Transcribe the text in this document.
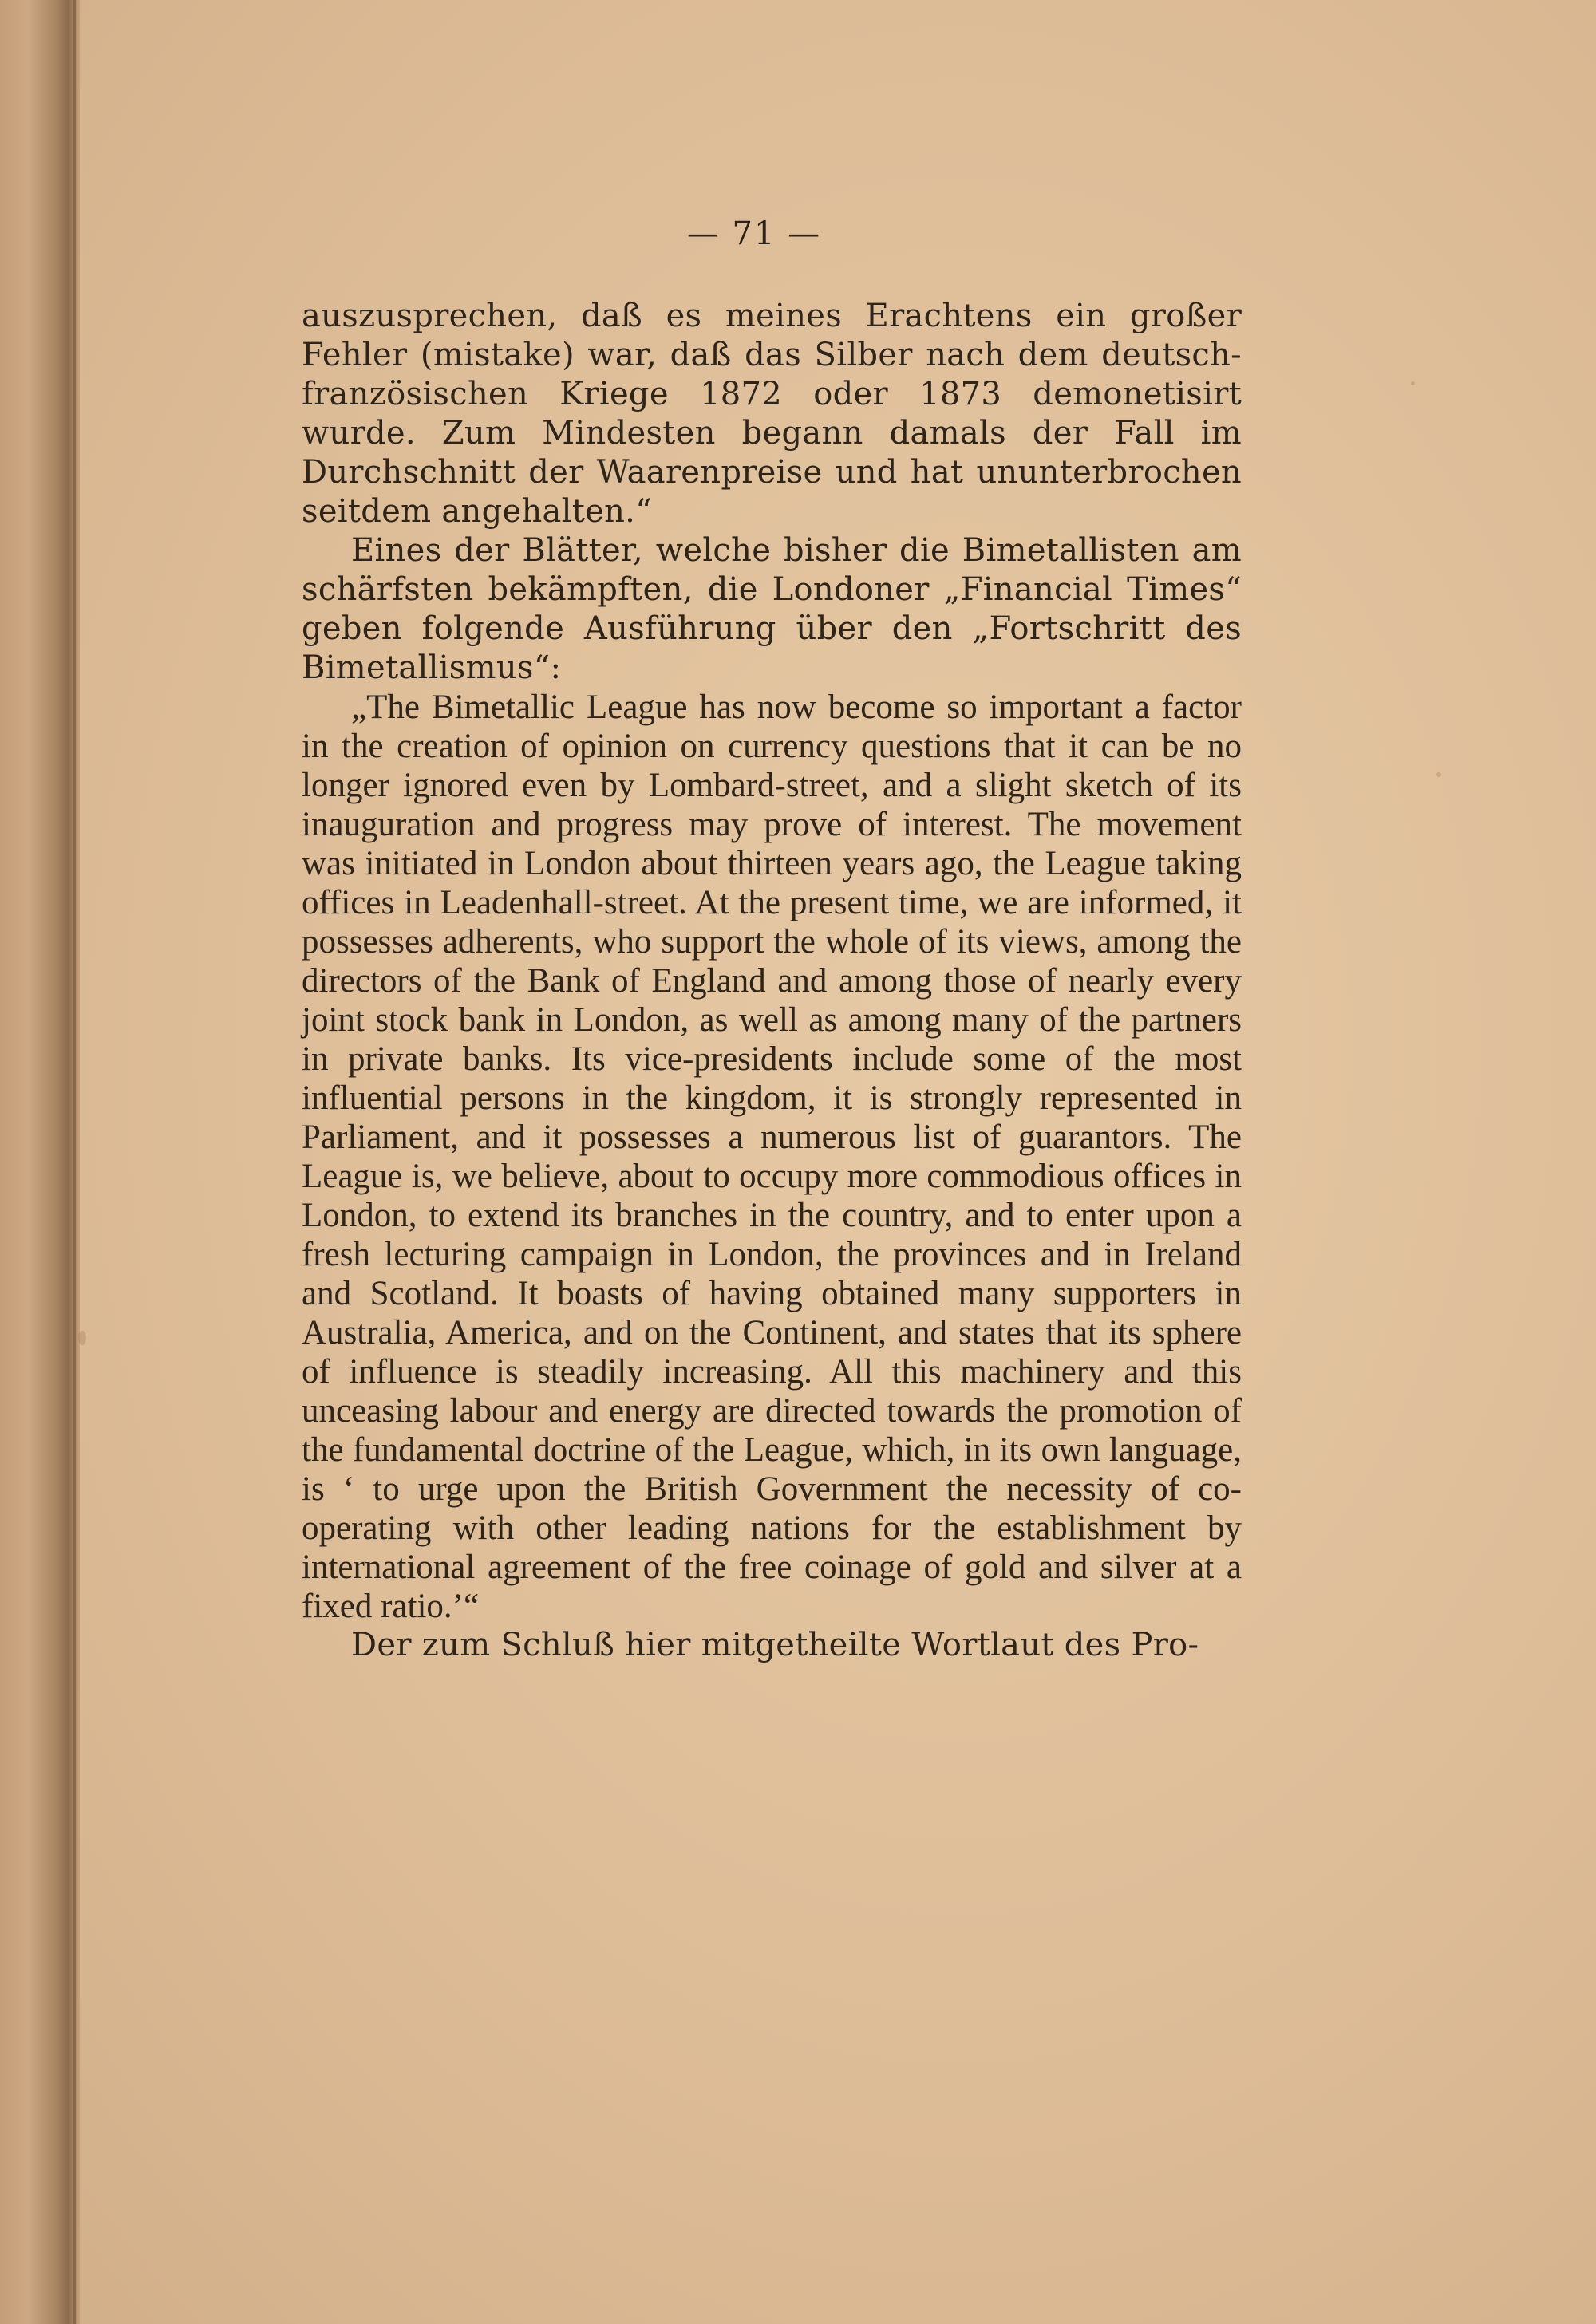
— 71 —

auszusprechen, daß es meines Erachtens ein großer Fehler (mistake) war, daß das Silber nach dem deutsch-französischen Kriege 1872 oder 1873 demonetisirt wurde. Zum Mindesten begann damals der Fall im Durchschnitt der Waarenpreise und hat ununterbrochen seitdem angehalten.“

Eines der Blätter, welche bisher die Bimetallisten am schärfsten bekämpften, die Londoner „Financial Times“ geben folgende Ausführung über den „Fortschritt des Bimetallismus“:

„The Bimetallic League has now become so important a factor in the creation of opinion on currency questions that it can be no longer ignored even by Lombard-street, and a slight sketch of its inauguration and progress may prove of interest. The movement was initiated in London about thirteen years ago, the League taking offices in Leadenhall-street. At the present time, we are informed, it possesses adherents, who support the whole of its views, among the directors of the Bank of England and among those of nearly every joint stock bank in London, as well as among many of the partners in private banks. Its vice-presidents include some of the most influential persons in the kingdom, it is strongly represented in Parliament, and it possesses a numerous list of guarantors. The League is, we believe, about to occupy more commodious offices in London, to extend its branches in the country, and to enter upon a fresh lecturing campaign in London, the provinces and in Ireland and Scotland. It boasts of having obtained many supporters in Australia, America, and on the Continent, and states that its sphere of influence is steadily increasing. All this machinery and this unceasing labour and energy are directed towards the promotion of the fundamental doctrine of the League, which, in its own language, is ‘ to urge upon the British Government the necessity of co-operating with other leading nations for the establishment by international agreement of the free coinage of gold and silver at a fixed ratio.’“

Der zum Schluß hier mitgetheilte Wortlaut des Pro-
